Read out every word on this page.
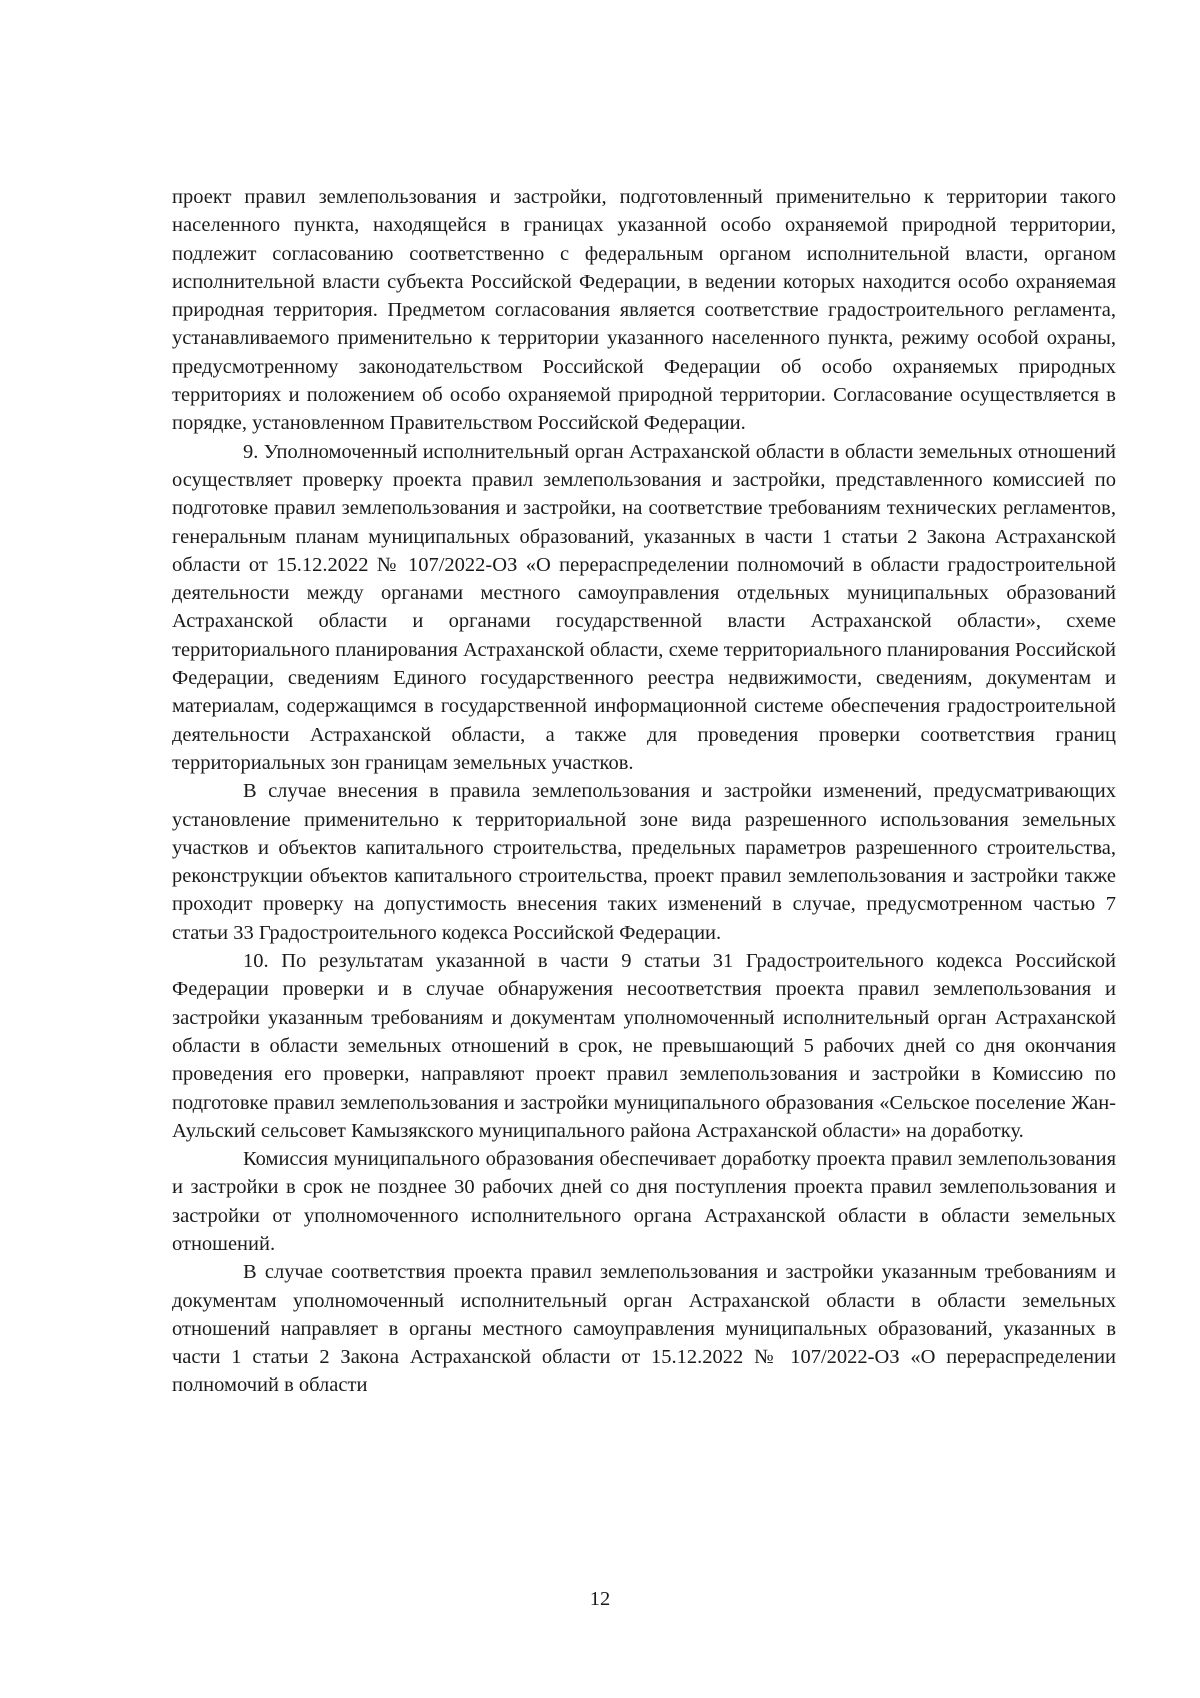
проект правил землепользования и застройки, подготовленный применительно к территории такого населенного пункта, находящейся в границах указанной особо охраняемой природной территории, подлежит согласованию соответственно с федеральным органом исполнительной власти, органом исполнительной власти субъекта Российской Федерации, в ведении которых находится особо охраняемая природная территория. Предметом согласования является соответствие градостроительного регламента, устанавливаемого применительно к территории указанного населенного пункта, режиму особой охраны, предусмотренному законодательством Российской Федерации об особо охраняемых природных территориях и положением об особо охраняемой природной территории. Согласование осуществляется в порядке, установленном Правительством Российской Федерации.

9. Уполномоченный исполнительный орган Астраханской области в области земельных отношений осуществляет проверку проекта правил землепользования и застройки, представленного комиссией по подготовке правил землепользования и застройки, на соответствие требованиям технических регламентов, генеральным планам муниципальных образований, указанных в части 1 статьи 2 Закона Астраханской области от 15.12.2022 № 107/2022-ОЗ «О перераспределении полномочий в области градостроительной деятельности между органами местного самоуправления отдельных муниципальных образований Астраханской области и органами государственной власти Астраханской области», схеме территориального планирования Астраханской области, схеме территориального планирования Российской Федерации, сведениям Единого государственного реестра недвижимости, сведениям, документам и материалам, содержащимся в государственной информационной системе обеспечения градостроительной деятельности Астраханской области, а также для проведения проверки соответствия границ территориальных зон границам земельных участков.

В случае внесения в правила землепользования и застройки изменений, предусматривающих установление применительно к территориальной зоне вида разрешенного использования земельных участков и объектов капитального строительства, предельных параметров разрешенного строительства, реконструкции объектов капитального строительства, проект правил землепользования и застройки также проходит проверку на допустимость внесения таких изменений в случае, предусмотренном частью 7 статьи 33 Градостроительного кодекса Российской Федерации.

10. По результатам указанной в части 9 статьи 31 Градостроительного кодекса Российской Федерации проверки и в случае обнаружения несоответствия проекта правил землепользования и застройки указанным требованиям и документам уполномоченный исполнительный орган Астраханской области в области земельных отношений в срок, не превышающий 5 рабочих дней со дня окончания проведения его проверки, направляют проект правил землепользования и застройки в Комиссию по подготовке правил землепользования и застройки муниципального образования «Сельское поселение Жан-Аульский сельсовет Камызякского муниципального района Астраханской области» на доработку.

Комиссия муниципального образования обеспечивает доработку проекта правил землепользования и застройки в срок не позднее 30 рабочих дней со дня поступления проекта правил землепользования и застройки от уполномоченного исполнительного органа Астраханской области в области земельных отношений.

В случае соответствия проекта правил землепользования и застройки указанным требованиям и документам уполномоченный исполнительный орган Астраханской области в области земельных отношений направляет в органы местного самоуправления муниципальных образований, указанных в части 1 статьи 2 Закона Астраханской области от 15.12.2022 № 107/2022-ОЗ «О перераспределении полномочий в области

12
